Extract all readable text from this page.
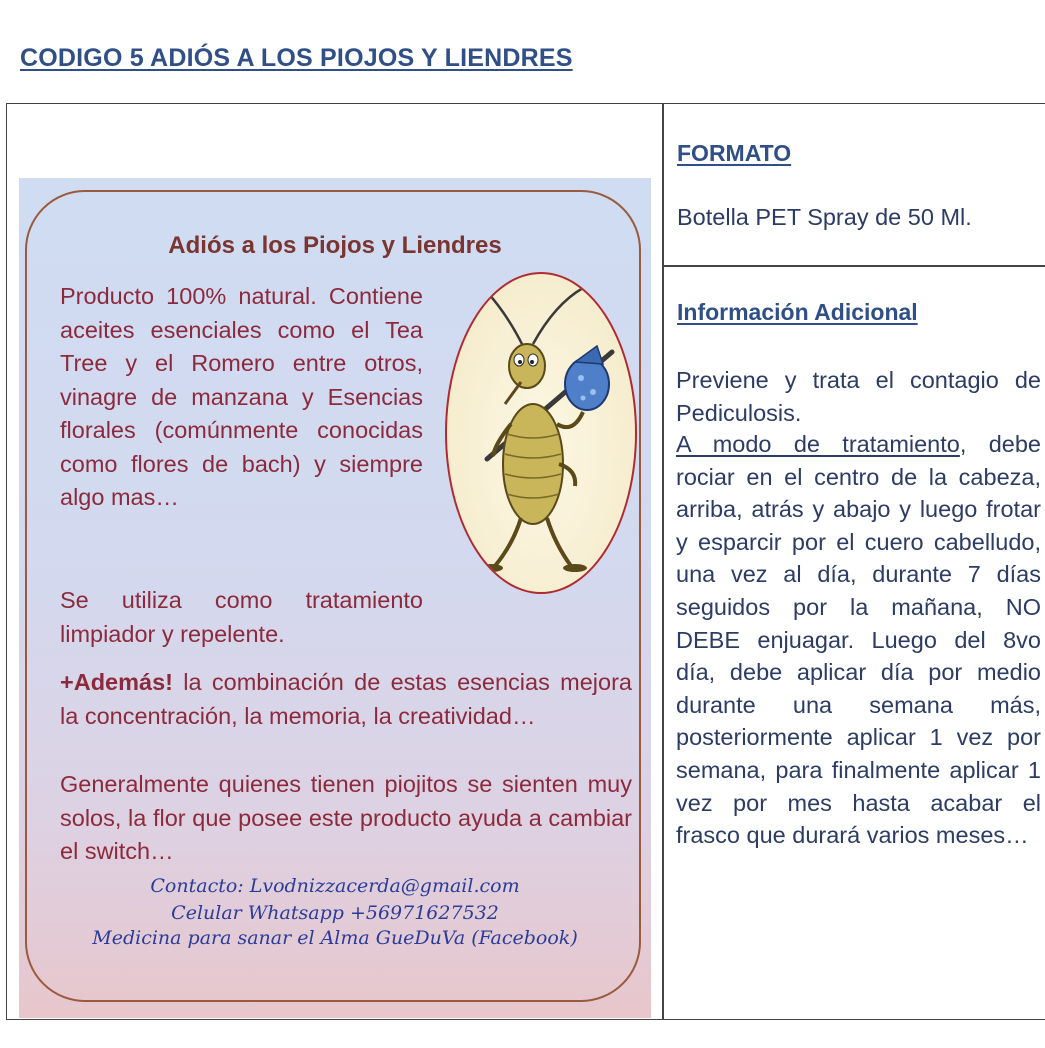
CODIGO 5 ADIÓS A LOS PIOJOS Y LIENDRES
Adiós a los Piojos y Liendres
Producto 100% natural. Contiene aceites esenciales como el Tea Tree y el Romero entre otros, vinagre de manzana y Esencias florales (comúnmente conocidas como flores de bach) y siempre algo mas…
Se utiliza como tratamiento limpiador y repelente.
+Además! la combinación de estas esencias mejora la concentración, la memoria, la creatividad…
Generalmente quienes tienen piojitos se sienten muy solos, la flor que posee este producto ayuda a cambiar el switch…
Contacto: Lvodnizzacerda@gmail.com
Celular Whatsapp +56971627532
Medicina para sanar el Alma GueDuVa (Facebook)
FORMATO
Botella PET Spray de 50 Ml.
Información Adicional
Previene y trata el contagio de Pediculosis.
A modo de tratamiento, debe rociar en el centro de la cabeza, arriba, atrás y abajo y luego frotar y esparcir por el cuero cabelludo, una vez al día, durante 7 días seguidos por la mañana, NO DEBE enjuagar. Luego del 8vo día, debe aplicar día por medio durante una semana más, posteriormente aplicar 1 vez por semana, para finalmente aplicar 1 vez por mes hasta acabar el frasco que durará varios meses…
